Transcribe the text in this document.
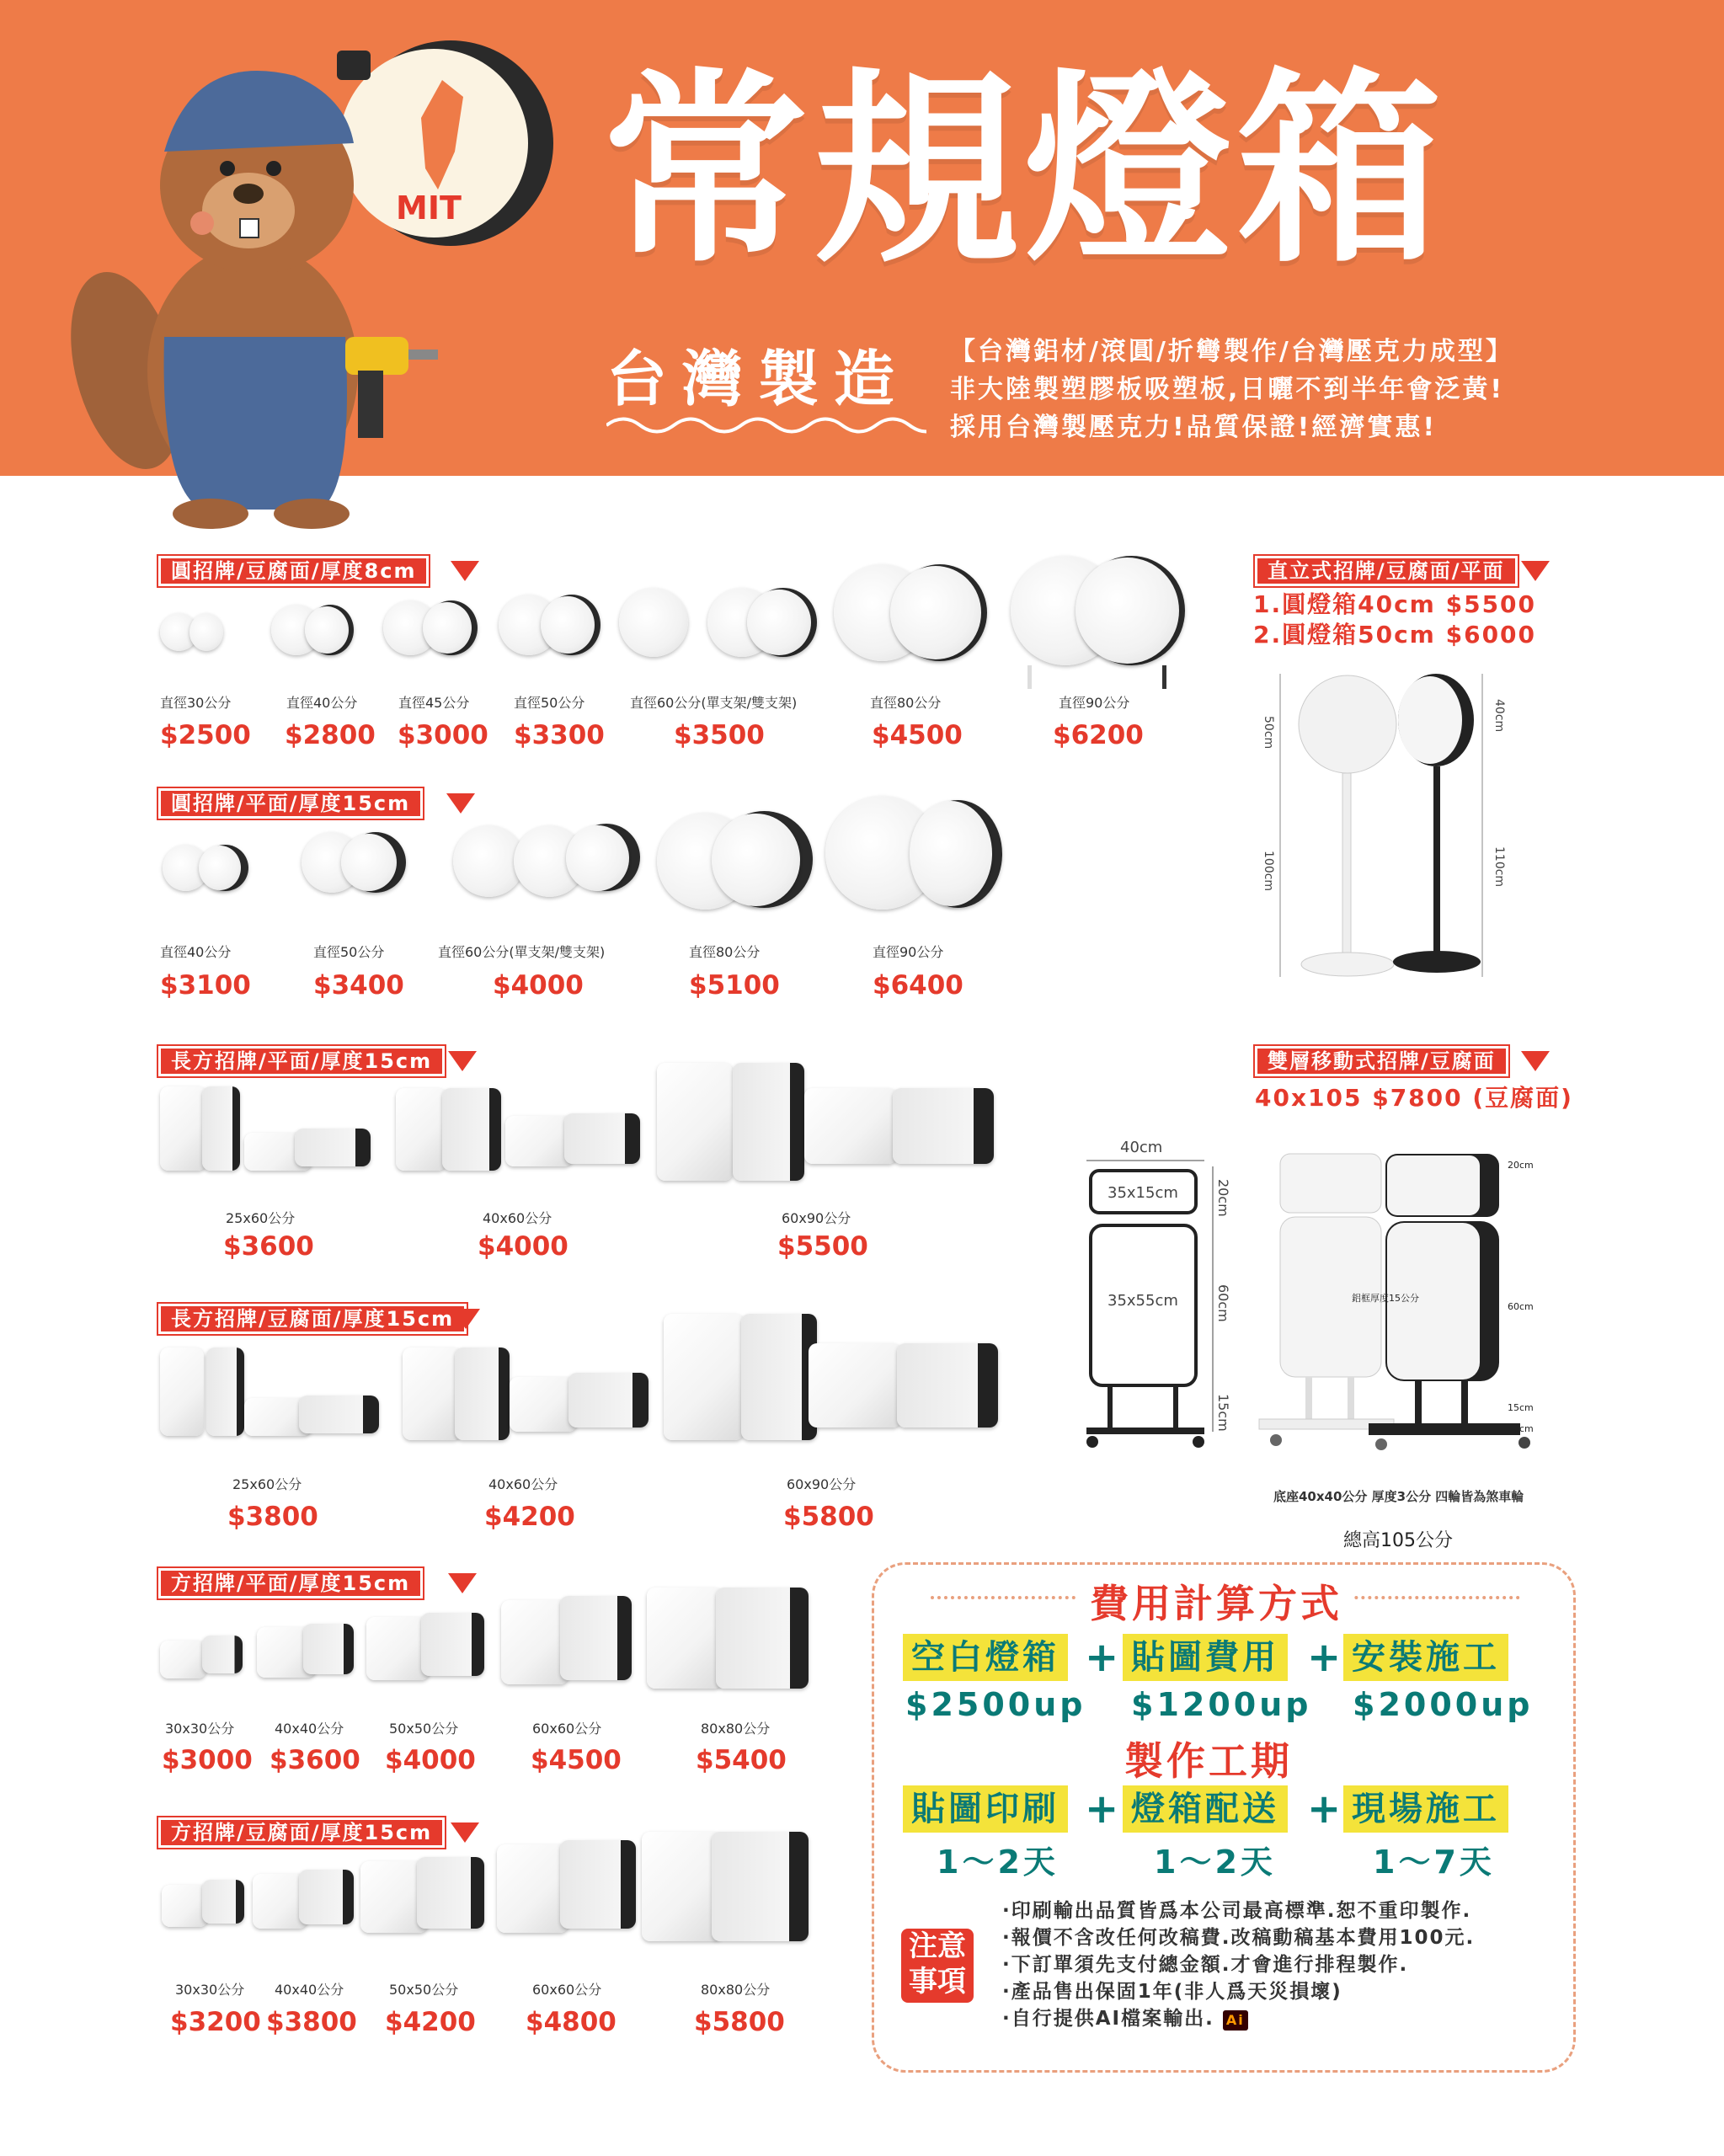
MIT 常規燈箱
台灣製造 【台灣鋁材/滾圓/折彎製作/台灣壓克力成型】
非大陸製塑膠板吸塑板,日曬不到半年會泛黃!
採用台灣製壓克力!品質保證!經濟實惠!
圓招牌/豆腐面/厚度8cm
直徑30公分	直徑40公分	直徑45公分	直徑50公分	直徑60公分(單支架/雙支架)	直徑80公分	直徑90公分
$2500 $2800 $3000 $3300	$3500	$4500	$6200
圓招牌/平面/厚度15cm
直徑40公分	直徑50公分	直徑60公分(單支架/雙支架)	直徑80公分	直徑90公分
$3100 $3400	$4000	$5100	$6400
長方招牌/平面/厚度15cm
25x60公分	40x60公分	60x90公分
$3600	$4000	$5500
長方招牌/豆腐面/厚度15cm
25x60公分	40x60公分	60x90公分
$3800	$4200	$5800
方招牌/平面/厚度15cm
30x30公分	40x40公分	50x50公分	60x60公分	80x80公分
$3000 $3600 $4000 $4500	$5400
方招牌/豆腐面/厚度15cm
30x30公分 40x40公分	50x50公分	60x60公分	80x80公分
$3200 $3800 $4200 $4800	$5800
直立式招牌/豆腐面/平面
1.圓燈箱40cm $5500
2.圓燈箱50cm $6000
50cm
100cm
40cm
110cm
雙層移動式招牌/豆腐面
40x105 $7800 (豆腐面)
40cm
35x15cm
35x55cm
20cm
60cm
15cm
20cm
鋁框厚度15公分
60cm
15cm
10cm
底座40x40公分 厚度3公分 四輪皆為煞車輪
總高105公分
費用計算方式
空白燈箱 + 貼圖費用 + 安裝施工
$2500up $1200up $2000up
製作工期
貼圖印刷 + 燈箱配送 + 現場施工
1～2天	1～2天	1～7天
注意事項
·印刷輸出品質皆爲本公司最高標準.恕不重印製作.
·報價不含改任何改稿費.改稿動稿基本費用100元.
·下訂單須先支付總金額.才會進行排程製作.
·產品售出保固1年(非人爲天災損壞)
·自行提供AI檔案輸出. Ai
